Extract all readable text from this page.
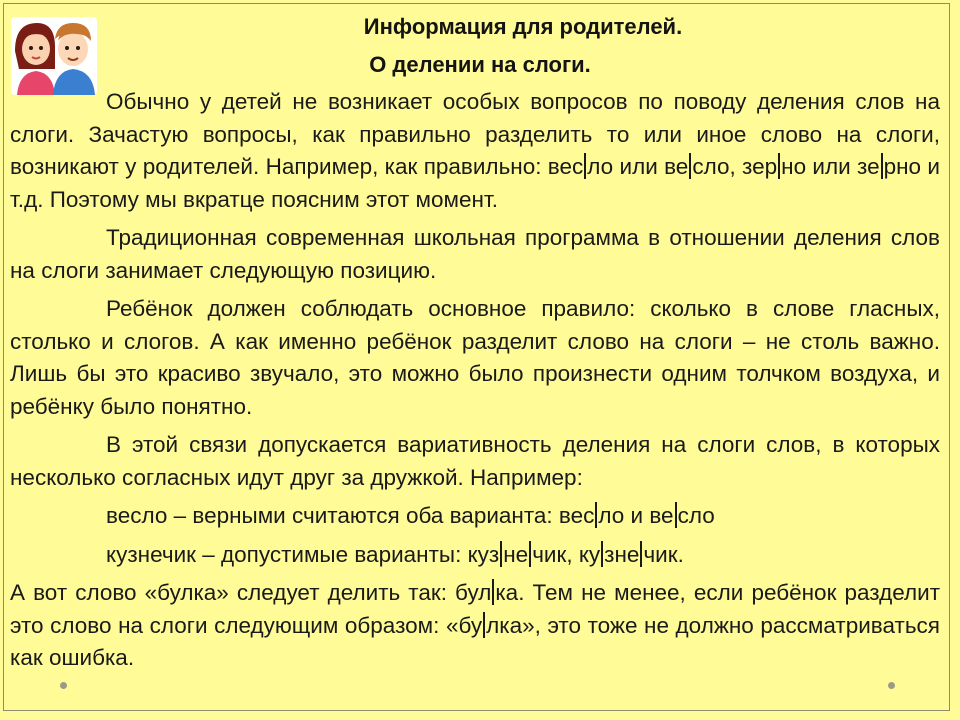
Информация для родителей.
О делении на слоги.

Обычно у детей не возникает особых вопросов по поводу деления слов на слоги. Зачастую вопросы, как правильно разделить то или иное слово на слоги, возникают у родителей. Например, как правильно: вес ло или ве сло, зер но или зе рно и т.д. Поэтому мы вкратце поясним этот момент.

Традиционная современная школьная программа в отношении деления слов на слоги занимает следующую позицию.

Ребёнок должен соблюдать основное правило: сколько в слове гласных, столько и слогов. А как именно ребёнок разделит слово на слоги – не столь важно. Лишь бы это красиво звучало, это можно было произнести одним толчком воздуха, и ребёнку было понятно.

В этой связи допускается вариативность деления на слоги слов, в которых несколько согласных идут друг за дружкой. Например:

весло – верными считаются оба варианта: вес ло и ве сло

кузнечик – допустимые варианты: куз не чик, ку зне чик.

А вот слово «булка» следует делить так: бул ка. Тем не менее, если ребёнок разделит это слово на слоги следующим образом: «бу лка», это тоже не должно рассматриваться как ошибка.
